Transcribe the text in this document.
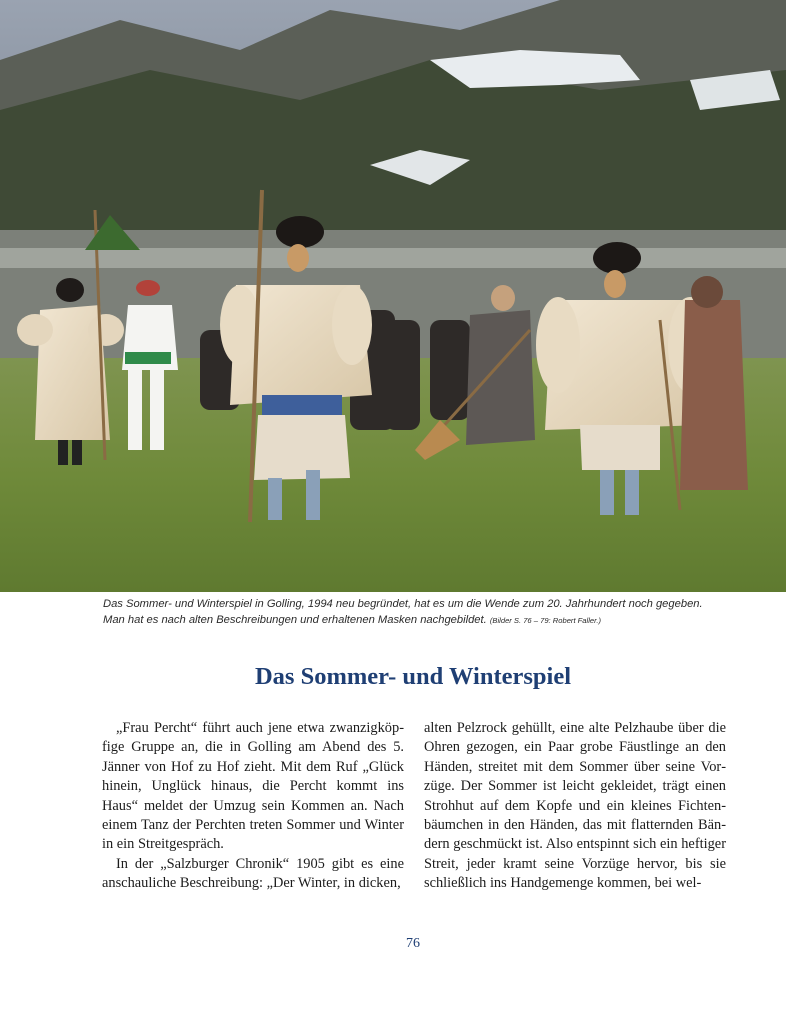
Das Sommer- und Winterspiel in Golling, 1994 neu begründet, hat es um die Wende zum 20. Jahrhundert noch gegeben.
Man hat es nach alten Beschreibungen und erhaltenen Masken nachgebildet. (Bilder S. 76 – 79: Robert Faller.)
Das Sommer- und Winterspiel

„Frau Percht“ führt auch jene etwa zwanzigköpfige Gruppe an, die in Golling am Abend des 5. Jänner von Hof zu Hof zieht. Mit dem Ruf „Glück hinein, Unglück hinaus, die Percht kommt ins Haus“ meldet der Umzug sein Kommen an. Nach einem Tanz der Perchten treten Sommer und Winter in ein Streitgespräch.

In der „Salzburger Chronik“ 1905 gibt es eine anschauliche Beschreibung: „Der Winter, in dicken,

alten Pelzrock gehüllt, eine alte Pelzhaube über die Ohren gezogen, ein Paar grobe Fäustlinge an den Händen, streitet mit dem Sommer über seine Vorzüge. Der Sommer ist leicht gekleidet, trägt einen Strohhut auf dem Kopfe und ein kleines Fichtenbäumchen in den Händen, das mit flatternden Bändern geschmückt ist. Also entspinnt sich ein heftiger Streit, jeder kramt seine Vorzüge hervor, bis sie schließlich ins Handgemenge kommen, bei wel-

76
